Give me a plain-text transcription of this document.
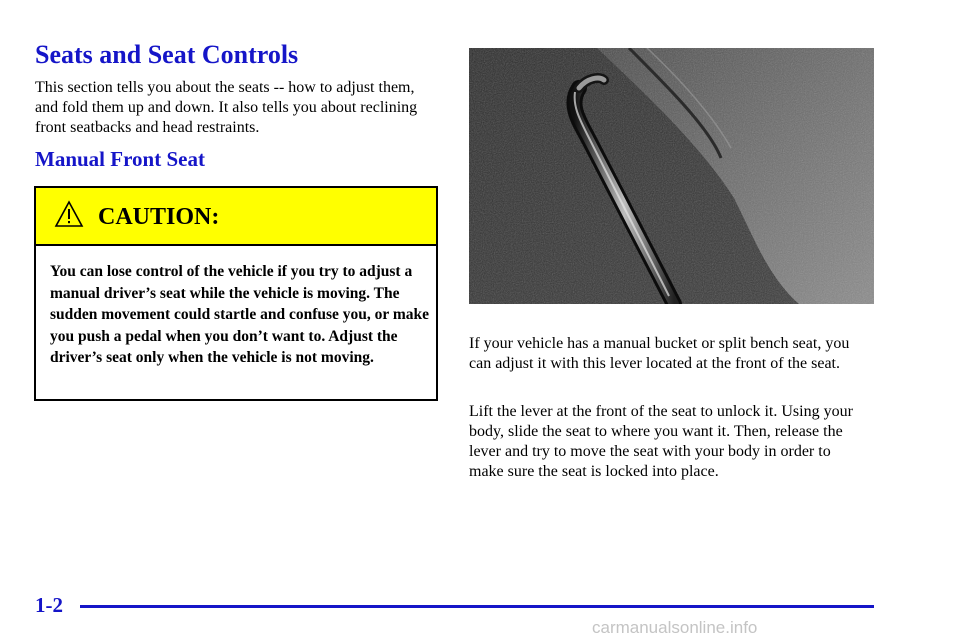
Seats and Seat Controls

This section tells you about the seats -- how to adjust them, and fold them up and down. It also tells you about reclining front seatbacks and head restraints.

Manual Front Seat
CAUTION:

You can lose control of the vehicle if you try to adjust a manual driver’s seat while the vehicle is moving. The sudden movement could startle and confuse you, or make you push a pedal when you don’t want to. Adjust the driver’s seat only when the vehicle is not moving.

If your vehicle has a manual bucket or split bench seat, you can adjust it with this lever located at the front of the seat.

Lift the lever at the front of the seat to unlock it. Using your body, slide the seat to where you want it. Then, release the lever and try to move the seat with your body in order to make sure the seat is locked into place.

1-2
carmanualsonline.info
